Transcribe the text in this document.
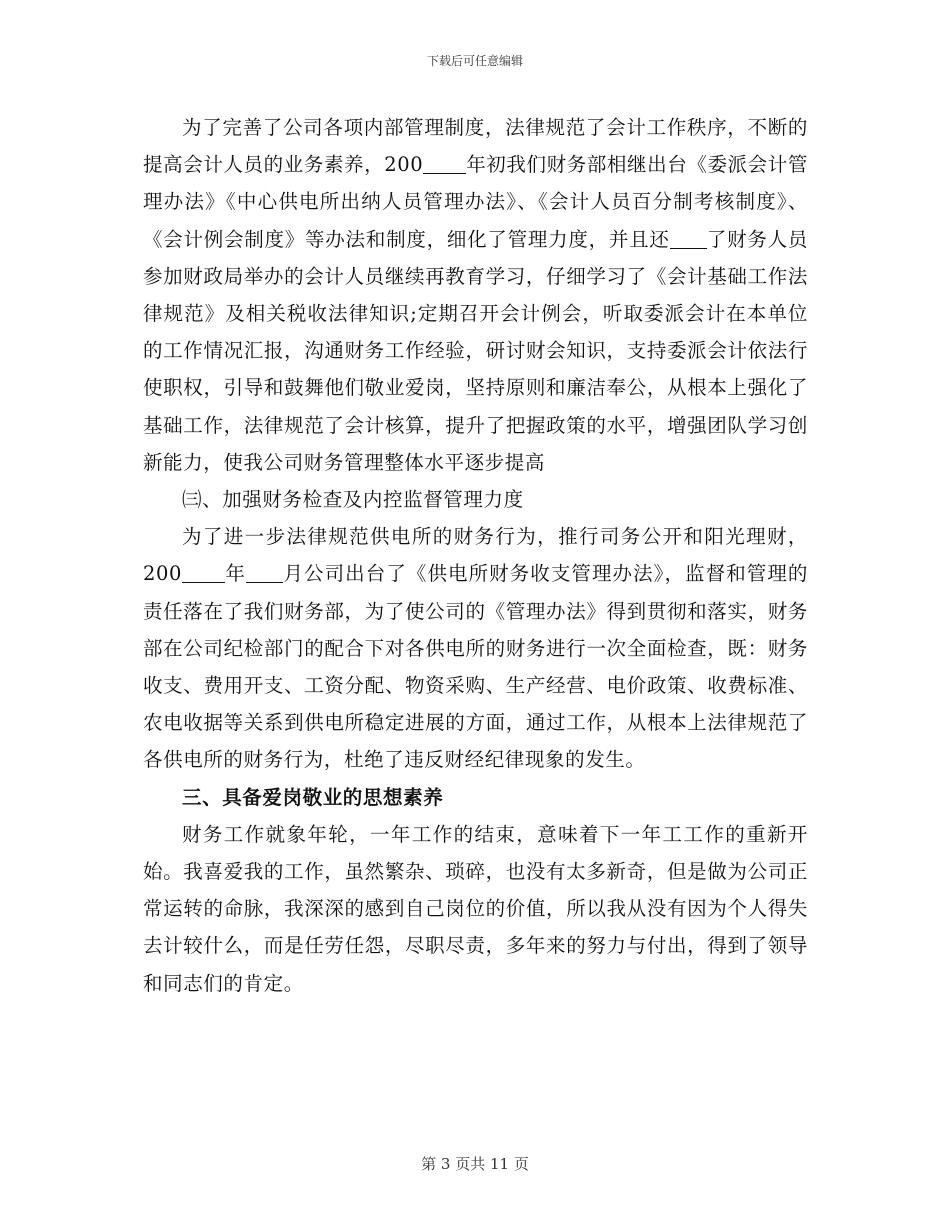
下载后可任意编辑

为了完善了公司各项内部管理制度，法律规范了会计工作秩序，不断的提高会计人员的业务素养，200 年初我们财务部相继出台《委派会计管理办法》《中心供电所出纳人员管理办法》、《会计人员百分制考核制度》、《会计例会制度》等办法和制度，细化了管理力度，并且还 了财务人员参加财政局举办的会计人员继续再教育学习，仔细学习了《会计基础工作法律规范》及相关税收法律知识;定期召开会计例会，听取委派会计在本单位的工作情况汇报，沟通财务工作经验，研讨财会知识，支持委派会计依法行使职权，引导和鼓舞他们敬业爱岗，坚持原则和廉洁奉公，从根本上强化了基础工作，法律规范了会计核算，提升了把握政策的水平，增强团队学习创新能力，使我公司财务管理整体水平逐步提高

㈢、加强财务检查及内控监督管理力度

为了进一步法律规范供电所的财务行为，推行司务公开和阳光理财，200 年 月公司出台了《供电所财务收支管理办法》，监督和管理的责任落在了我们财务部，为了使公司的《管理办法》得到贯彻和落实，财务部在公司纪检部门的配合下对各供电所的财务进行一次全面检查，既：财务收支、费用开支、工资分配、物资采购、生产经营、电价政策、收费标准、农电收据等关系到供电所稳定进展的方面，通过工作，从根本上法律规范了各供电所的财务行为，杜绝了违反财经纪律现象的发生。

三、具备爱岗敬业的思想素养

财务工作就象年轮，一年工作的结束，意味着下一年工工作的重新开始。我喜爱我的工作，虽然繁杂、琐碎，也没有太多新奇，但是做为公司正常运转的命脉，我深深的感到自己岗位的价值，所以我从没有因为个人得失去计较什么，而是任劳任怨，尽职尽责，多年来的努力与付出，得到了领导和同志们的肯定。

第 3 页共 11 页
